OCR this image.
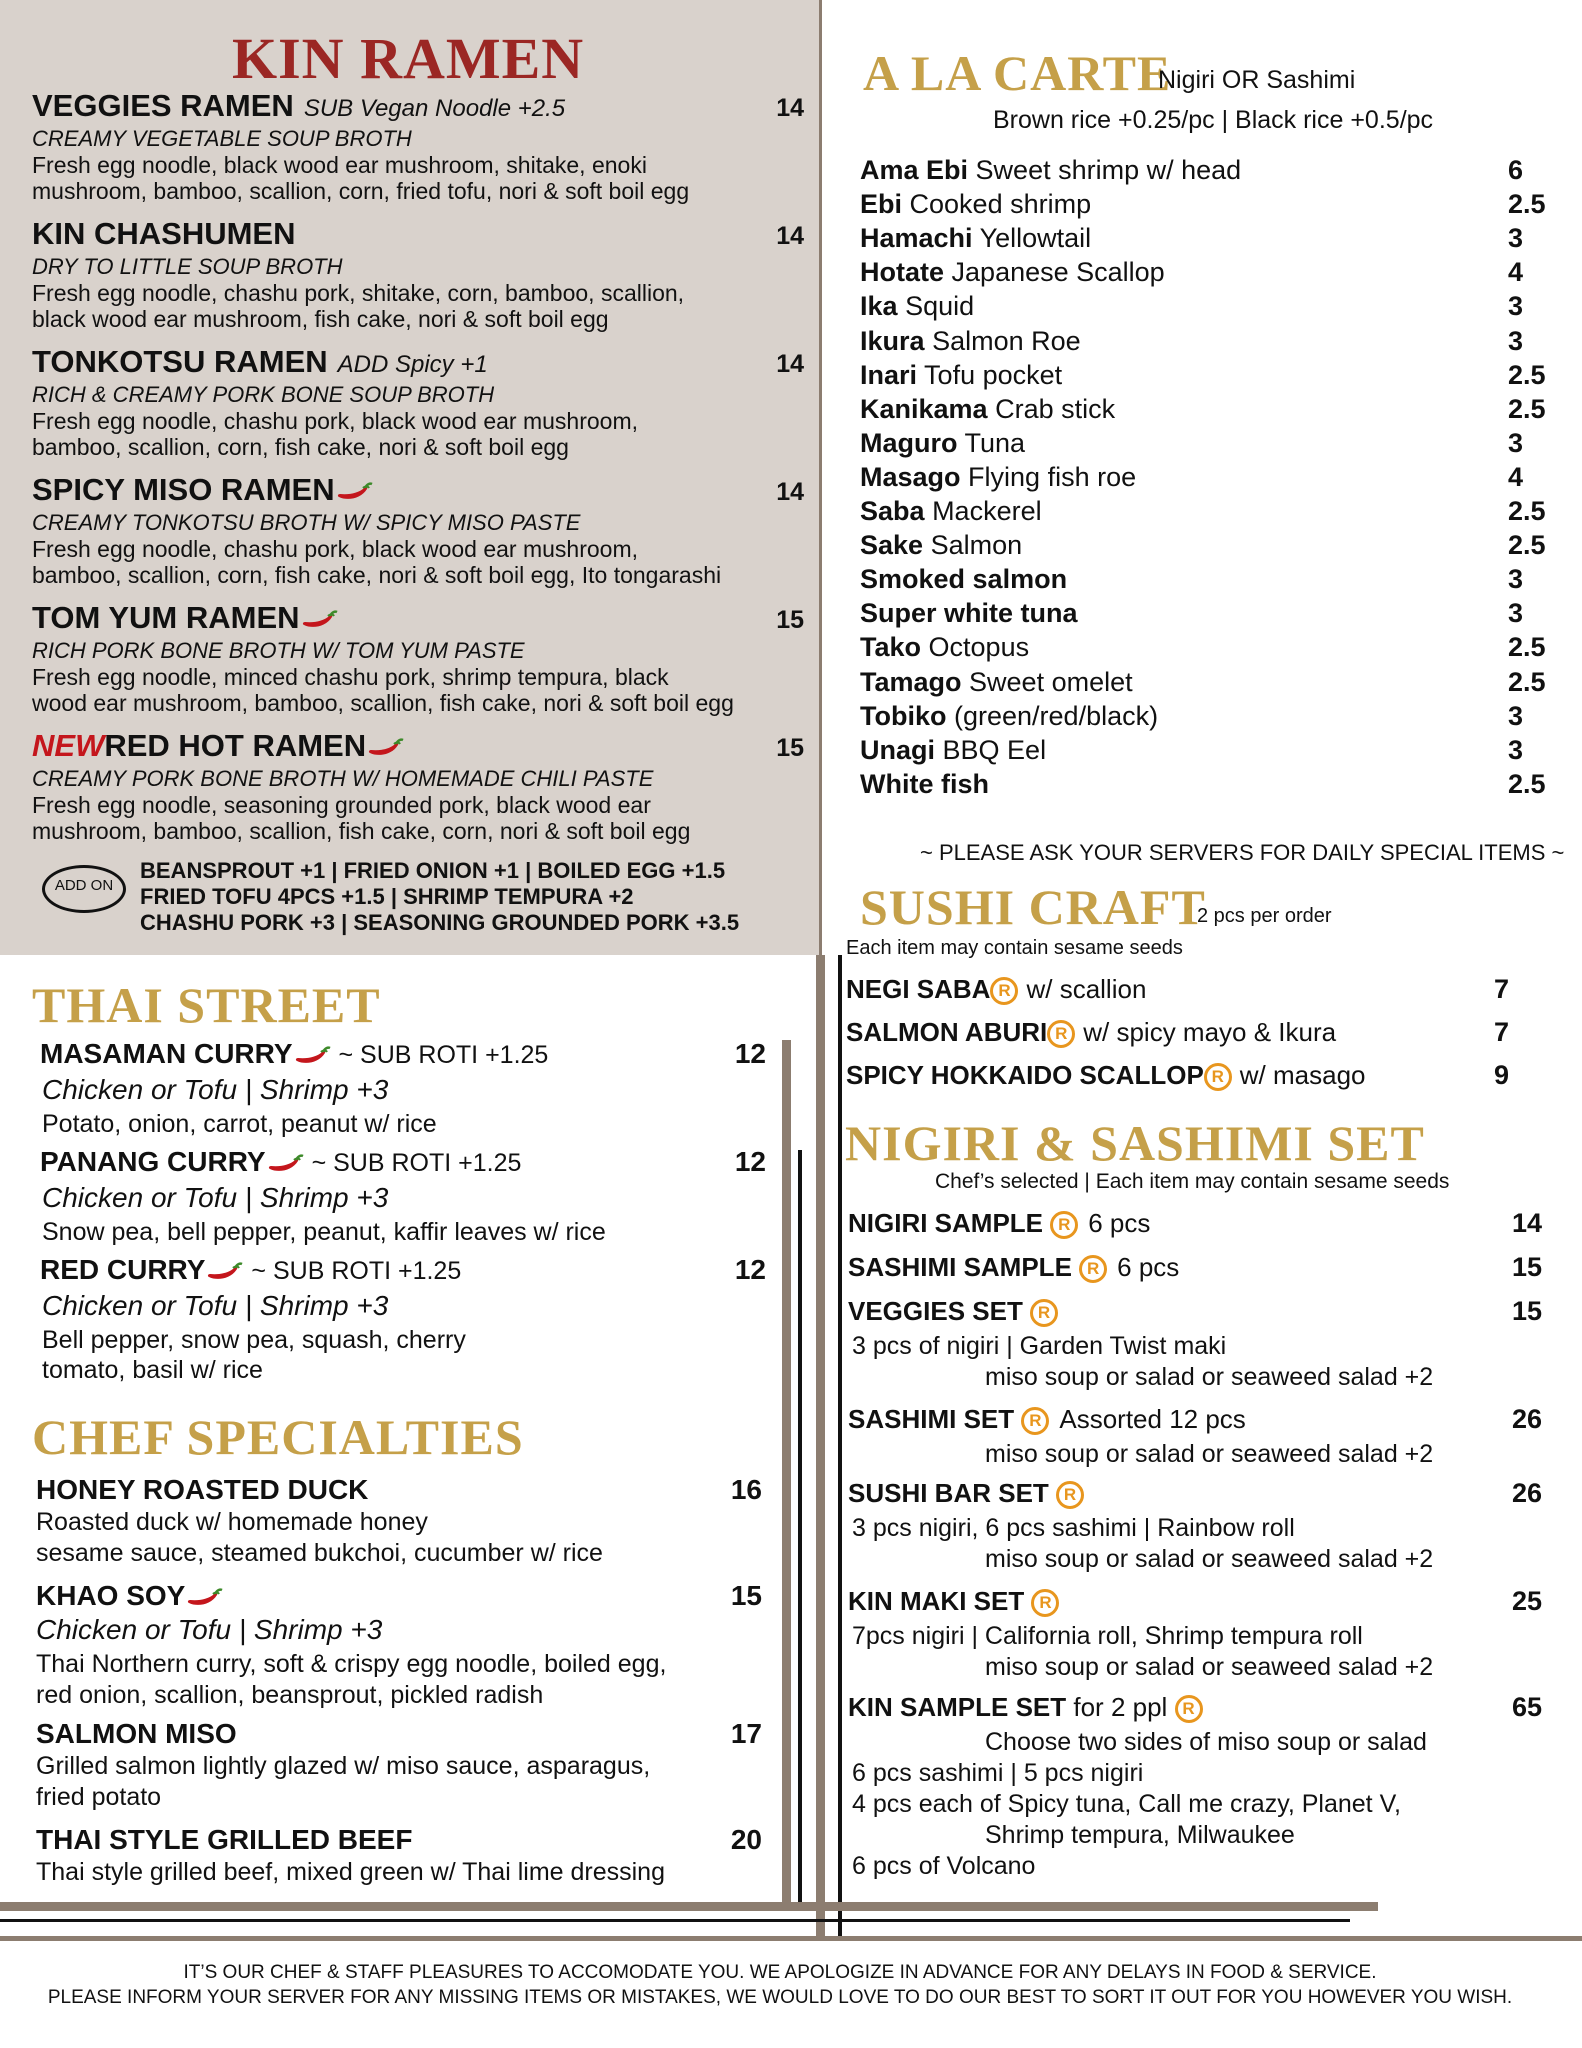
KIN RAMEN
VEGGIES RAMEN SUB Vegan Noodle +2.5	14
CREAMY VEGETABLE SOUP BROTH
Fresh egg noodle, black wood ear mushroom, shitake, enoki
mushroom, bamboo, scallion, corn, fried tofu, nori & soft boil egg
KIN CHASHUMEN	14
DRY TO LITTLE SOUP BROTH
Fresh egg noodle, chashu pork, shitake, corn, bamboo, scallion,
black wood ear mushroom, fish cake, nori & soft boil egg
TONKOTSU RAMEN ADD Spicy +1	14
RICH & CREAMY PORK BONE SOUP BROTH
Fresh egg noodle, chashu pork, black wood ear mushroom,
bamboo, scallion, corn, fish cake, nori & soft boil egg
SPICY MISO RAMEN	14
CREAMY TONKOTSU BROTH W/ SPICY MISO PASTE
Fresh egg noodle, chashu pork, black wood ear mushroom,
bamboo, scallion, corn, fish cake, nori & soft boil egg, Ito tongarashi
TOM YUM RAMEN	15
RICH PORK BONE BROTH W/ TOM YUM PASTE
Fresh egg noodle, minced chashu pork, shrimp tempura, black
wood ear mushroom, bamboo, scallion, fish cake, nori & soft boil egg
NEWRED HOT RAMEN	15
CREAMY PORK BONE BROTH W/ HOMEMADE CHILI PASTE
Fresh egg noodle, seasoning grounded pork, black wood ear
mushroom, bamboo, scallion, fish cake, corn, nori & soft boil egg
ADD ON
BEANSPROUT +1 | FRIED ONION +1 | BOILED EGG +1.5
FRIED TOFU 4PCS +1.5 | SHRIMP TEMPURA +2
CHASHU PORK +3 | SEASONING GROUNDED PORK +3.5
THAI STREET
MASAMAN CURRY ~ SUB ROTI +1.25	12
Chicken or Tofu | Shrimp +3
Potato, onion, carrot, peanut w/ rice
PANANG CURRY ~ SUB ROTI +1.25	12
Chicken or Tofu | Shrimp +3
Snow pea, bell pepper, peanut, kaffir leaves w/ rice
RED CURRY ~ SUB ROTI +1.25	12
Chicken or Tofu | Shrimp +3
Bell pepper, snow pea, squash, cherry
tomato, basil w/ rice
CHEF SPECIALTIES
HONEY ROASTED DUCK	16
Roasted duck w/ homemade honey
sesame sauce, steamed bukchoi, cucumber w/ rice
KHAO SOY	15
Chicken or Tofu | Shrimp +3
Thai Northern curry, soft & crispy egg noodle, boiled egg,
red onion, scallion, beansprout, pickled radish
SALMON MISO	17
Grilled salmon lightly glazed w/ miso sauce, asparagus,
fried potato
THAI STYLE GRILLED BEEF	20
Thai style grilled beef, mixed green w/ Thai lime dressing
A LA CARTE
Nigiri OR Sashimi
Brown rice +0.25/pc | Black rice +0.5/pc
Ama Ebi Sweet shrimp w/ head	6
Ebi Cooked shrimp	2.5
Hamachi Yellowtail	3
Hotate Japanese Scallop	4
Ika Squid	3
Ikura Salmon Roe	3
Inari Tofu pocket	2.5
Kanikama Crab stick	2.5
Maguro Tuna	3
Masago Flying fish roe	4
Saba Mackerel	2.5
Sake Salmon	2.5
Smoked salmon	3
Super white tuna	3
Tako Octopus	2.5
Tamago Sweet omelet	2.5
Tobiko (green/red/black)	3
Unagi BBQ Eel	3
White fish	2.5
~ PLEASE ASK YOUR SERVERS FOR DAILY SPECIAL ITEMS ~
SUSHI CRAFT
2 pcs per order
Each item may contain sesame seeds
NEGI SABA R w/ scallion	7
SALMON ABURI R w/ spicy mayo & Ikura	7
SPICY HOKKAIDO SCALLOP R w/ masago	9
NIGIRI & SASHIMI SET
Chef’s selected | Each item may contain sesame seeds
NIGIRI SAMPLE R 6 pcs	14
SASHIMI SAMPLE R 6 pcs	15
VEGGIES SET R	15
3 pcs of nigiri | Garden Twist maki
miso soup or salad or seaweed salad +2
SASHIMI SET R Assorted 12 pcs	26
miso soup or salad or seaweed salad +2
SUSHI BAR SET R	26
3 pcs nigiri, 6 pcs sashimi | Rainbow roll
miso soup or salad or seaweed salad +2
KIN MAKI SET R	25
7pcs nigiri | California roll, Shrimp tempura roll
miso soup or salad or seaweed salad +2
KIN SAMPLE SET for 2 ppl R	65
Choose two sides of miso soup or salad
6 pcs sashimi | 5 pcs nigiri
4 pcs each of Spicy tuna, Call me crazy, Planet V,
Shrimp tempura, Milwaukee
6 pcs of Volcano
IT’S OUR CHEF & STAFF PLEASURES TO ACCOMODATE YOU. WE APOLOGIZE IN ADVANCE FOR ANY DELAYS IN FOOD & SERVICE.
PLEASE INFORM YOUR SERVER FOR ANY MISSING ITEMS OR MISTAKES, WE WOULD LOVE TO DO OUR BEST TO SORT IT OUT FOR YOU HOWEVER YOU WISH.
